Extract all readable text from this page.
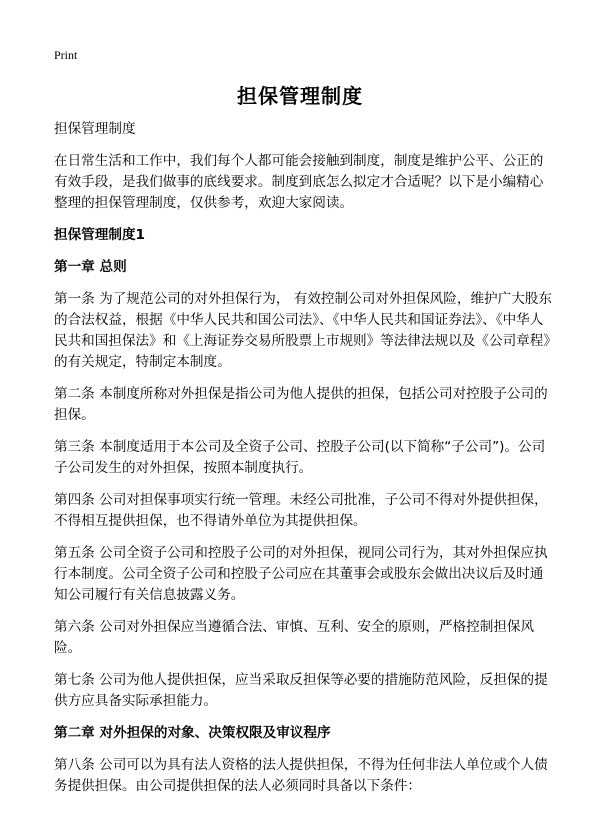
Print
担保管理制度

担保管理制度

在日常生活和工作中，我们每个人都可能会接触到制度，制度是维护公平、公正的有效手段，是我们做事的底线要求。制度到底怎么拟定才合适呢？以下是小编精心整理的担保管理制度，仅供参考，欢迎大家阅读。

担保管理制度1

第一章 总则

第一条 为了规范公司的对外担保行为， 有效控制公司对外担保风险，维护广大股东的合法权益，根据《中华人民共和国公司法》、《中华人民共和国证券法》、《中华人民共和国担保法》和《上海证券交易所股票上市规则》等法律法规以及《公司章程》的有关规定，特制定本制度。

第二条 本制度所称对外担保是指公司为他人提供的担保，包括公司对控股子公司的担保。

第三条 本制度适用于本公司及全资子公司、控股子公司(以下简称“子公司”)。公司子公司发生的对外担保，按照本制度执行。

第四条 公司对担保事项实行统一管理。未经公司批准，子公司不得对外提供担保，不得相互提供担保，也不得请外单位为其提供担保。

第五条 公司全资子公司和控股子公司的对外担保，视同公司行为，其对外担保应执行本制度。公司全资子公司和控股子公司应在其董事会或股东会做出决议后及时通知公司履行有关信息披露义务。

第六条 公司对外担保应当遵循合法、审慎、互利、安全的原则，严格控制担保风险。

第七条 公司为他人提供担保，应当采取反担保等必要的措施防范风险，反担保的提供方应具备实际承担能力。

第二章 对外担保的对象、决策权限及审议程序

第八条 公司可以为具有法人资格的法人提供担保，不得为任何非法人单位或个人债务提供担保。由公司提供担保的法人必须同时具备以下条件：
